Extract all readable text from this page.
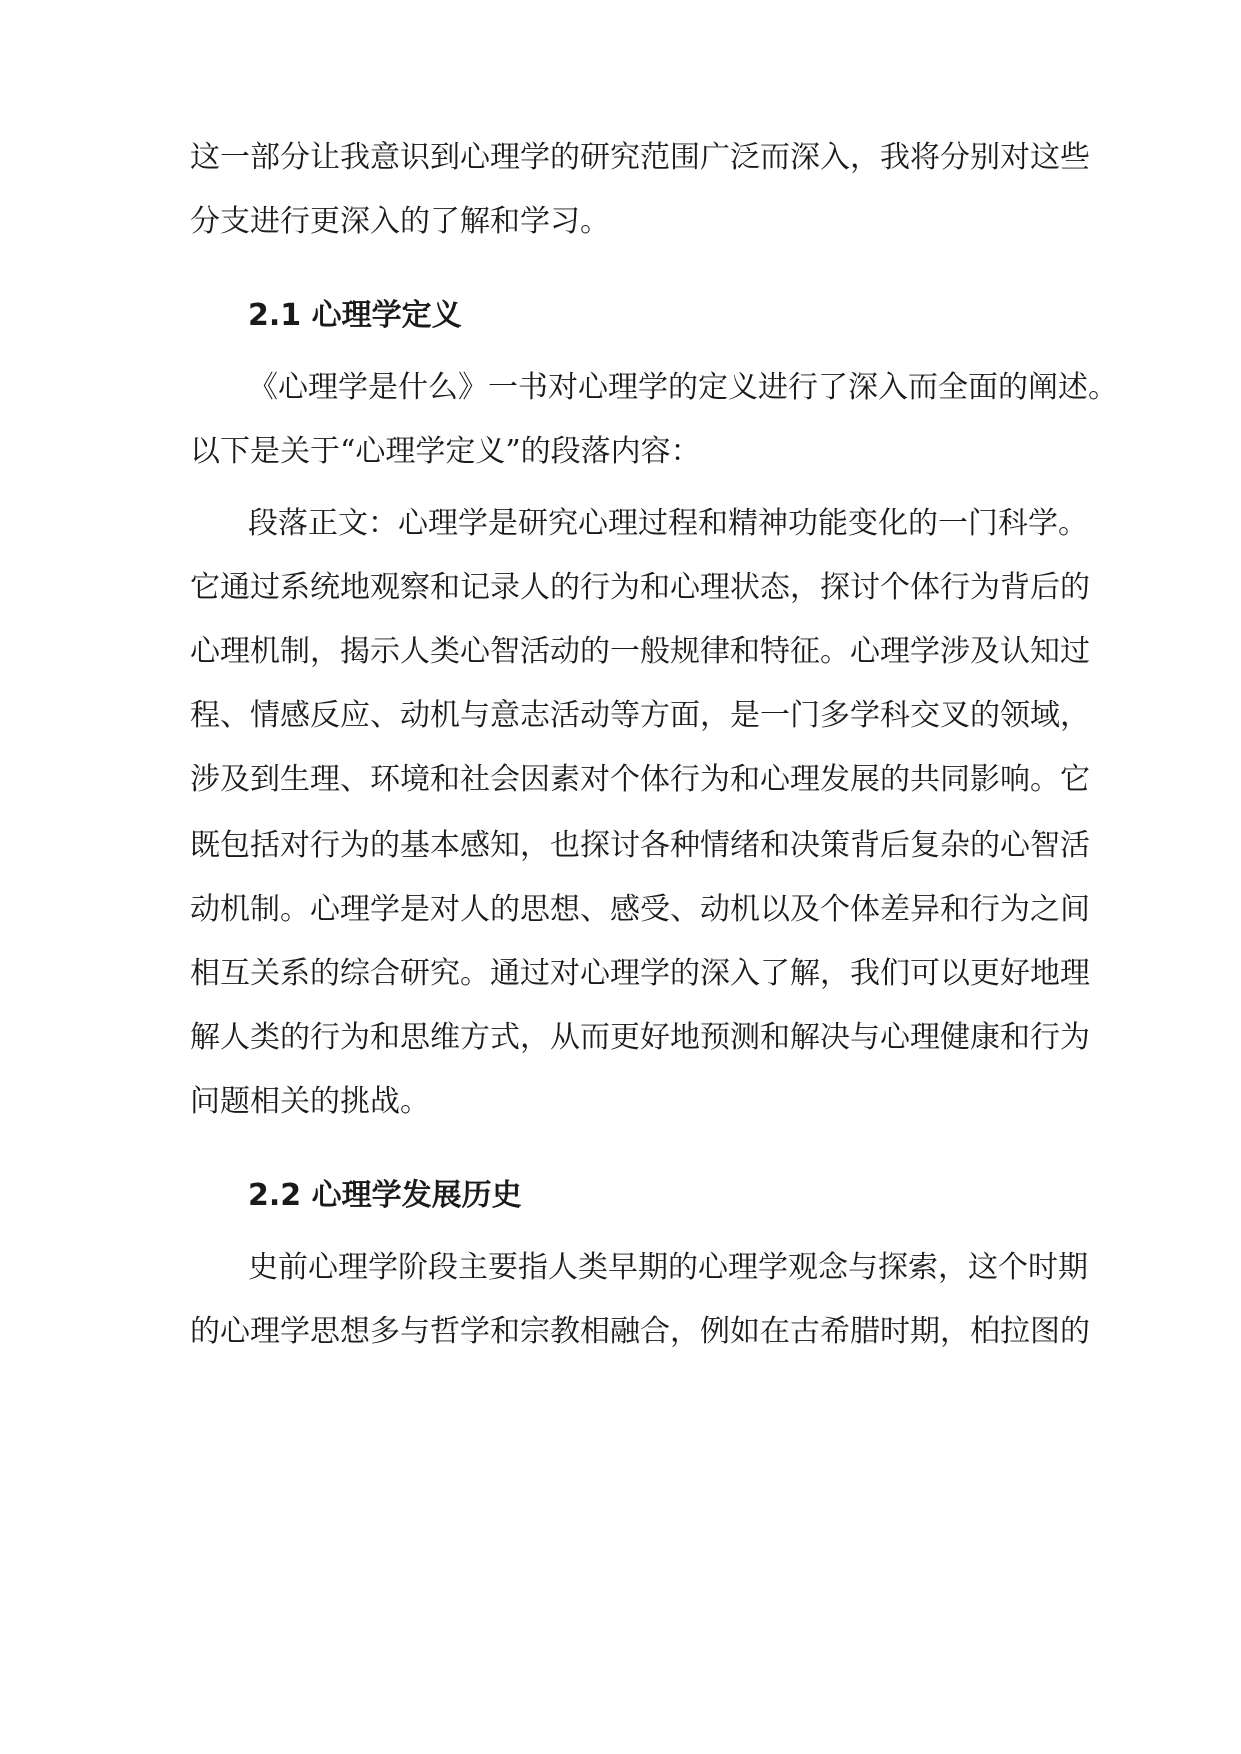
这一部分让我意识到心理学的研究范围广泛而深入，我将分别对这些
分支进行更深入的了解和学习。
2.1 心理学定义
《心理学是什么》一书对心理学的定义进行了深入而全面的阐述。
以下是关于“心理学定义”的段落内容：
段落正文：心理学是研究心理过程和精神功能变化的一门科学。
它通过系统地观察和记录人的行为和心理状态，探讨个体行为背后的
心理机制，揭示人类心智活动的一般规律和特征。心理学涉及认知过
程、情感反应、动机与意志活动等方面，是一门多学科交叉的领域，
涉及到生理、环境和社会因素对个体行为和心理发展的共同影响。它
既包括对行为的基本感知，也探讨各种情绪和决策背后复杂的心智活
动机制。心理学是对人的思想、感受、动机以及个体差异和行为之间
相互关系的综合研究。通过对心理学的深入了解，我们可以更好地理
解人类的行为和思维方式，从而更好地预测和解决与心理健康和行为
问题相关的挑战。
2.2 心理学发展历史
史前心理学阶段主要指人类早期的心理学观念与探索，这个时期
的心理学思想多与哲学和宗教相融合，例如在古希腊时期，柏拉图的
